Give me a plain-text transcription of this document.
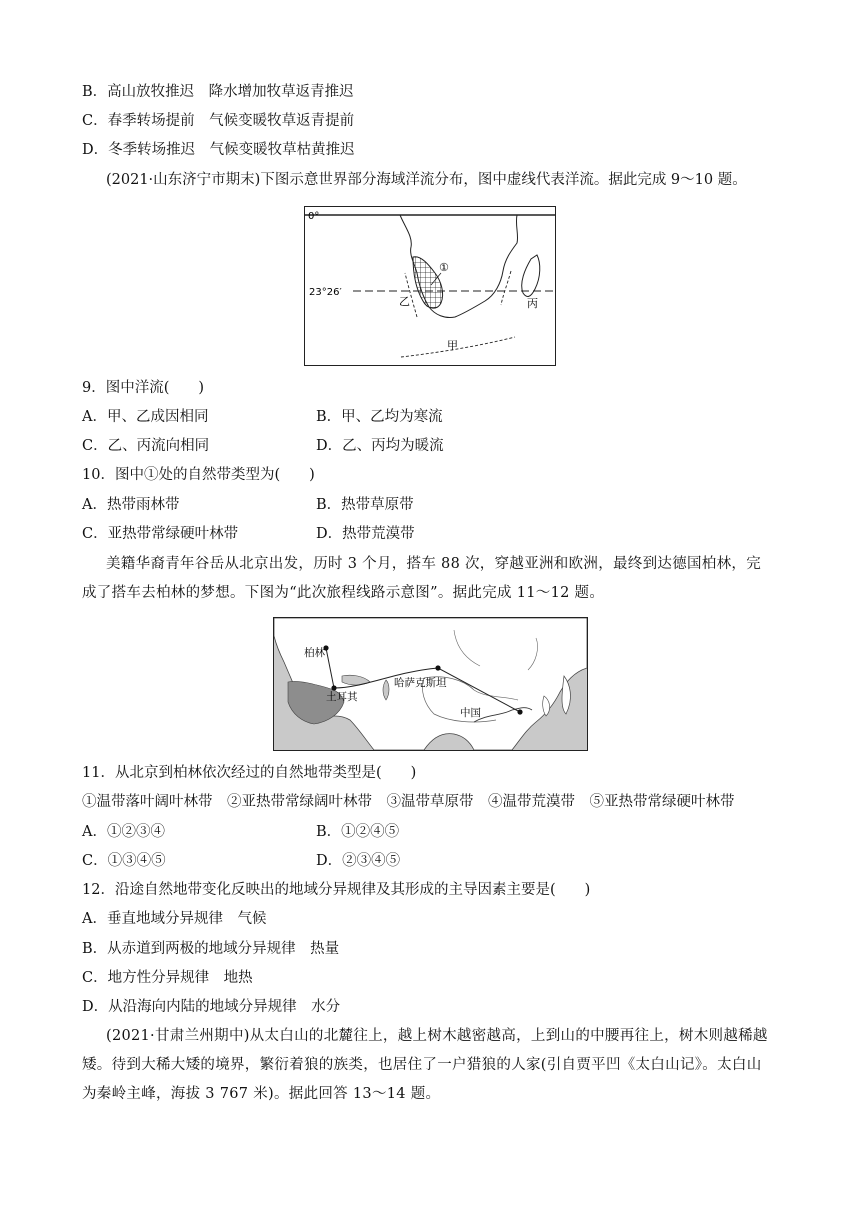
B．高山放牧推迟　降水增加牧草返青推迟
C．春季转场提前　气候变暖牧草返青提前
D．冬季转场推迟　气候变暖牧草枯黄推迟
(2021·山东济宁市期末)下图示意世界部分海域洋流分布，图中虚线代表洋流。据此完成 9～10 题。
0°
23°26′
①
乙	丙
甲
9．图中洋流(　　)
A．甲、乙成因相同	B．甲、乙均为寒流
C．乙、丙流向相同	D．乙、丙均为暖流
10．图中①处的自然带类型为(　　)
A．热带雨林带	B．热带草原带
C．亚热带常绿硬叶林带	D．热带荒漠带

美籍华裔青年谷岳从北京出发，历时 3 个月，搭车 88 次，穿越亚洲和欧洲，最终到达德国柏林，完

成了搭车去柏林的梦想。下图为“此次旅程线路示意图”。据此完成 11～12 题。

柏林
土耳其
哈萨克斯坦
中国
11．从北京到柏林依次经过的自然地带类型是(　　)
①温带落叶阔叶林带　②亚热带常绿阔叶林带　③温带草原带　④温带荒漠带　⑤亚热带常绿硬叶林带
A．①②③④	B．①②④⑤
C．①③④⑤	D．②③④⑤
12．沿途自然地带变化反映出的地域分异规律及其形成的主导因素主要是(　　)
A．垂直地域分异规律　气候
B．从赤道到两极的地域分异规律　热量
C．地方性分异规律　地热
D．从沿海向内陆的地域分异规律　水分

(2021·甘肃兰州期中)从太白山的北麓往上，越上树木越密越高，上到山的中腰再往上，树木则越稀越

矮。待到大稀大矮的境界，繁衍着狼的族类，也居住了一户猎狼的人家(引自贾平凹《太白山记》。太白山

为秦岭主峰，海拔 3 767 米)。据此回答 13～14 题。
